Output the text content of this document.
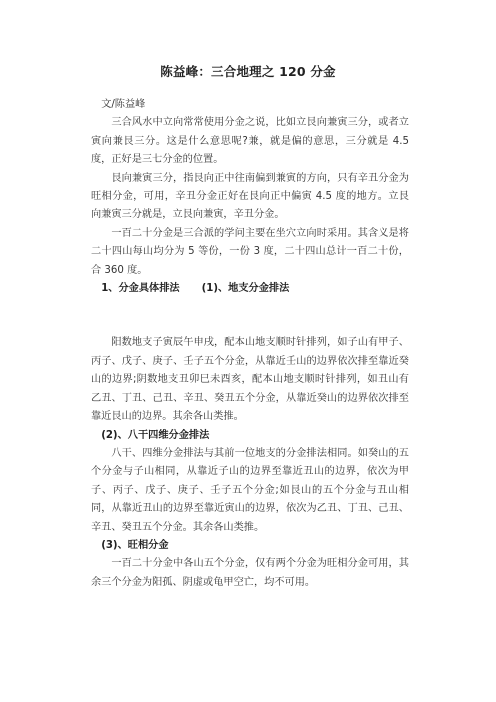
陈益峰：三合地理之 120 分金

文/陈益峰

三合风水中立向常常使用分金之说，比如立艮向兼寅三分，或者立寅向兼艮三分。这是什么意思呢?兼，就是偏的意思，三分就是 4.5 度，正好是三七分金的位置。

艮向兼寅三分，指艮向正中往南偏到兼寅的方向，只有辛丑分金为旺相分金，可用，辛丑分金正好在艮向正中偏寅 4.5 度的地方。立艮向兼寅三分就是，立艮向兼寅，辛丑分金。

一百二十分金是三合派的学问主要在坐穴立向时采用。其含义是将二十四山每山均分为 5 等份，一份 3 度，二十四山总计一百二十份，合 360 度。

1、分金具体排法 (1)、地支分金排法

阳数地支子寅辰午申戌，配本山地支顺时针排列，如子山有甲子、丙子、戊子、庚子、壬子五个分金，从靠近壬山的边界依次排至靠近癸山的边界;阴数地支丑卯巳未酉亥，配本山地支顺时针排列，如丑山有乙丑、丁丑、己丑、辛丑、癸丑五个分金，从靠近癸山的边界依次排至靠近艮山的边界。其余各山类推。

(2)、八干四维分金排法

八干、四维分金排法与其前一位地支的分金排法相同。如癸山的五个分金与子山相同，从靠近子山的边界至靠近丑山的边界，依次为甲子、丙子、戊子、庚子、壬子五个分金;如艮山的五个分金与丑山相同，从靠近丑山的边界至靠近寅山的边界，依次为乙丑、丁丑、己丑、辛丑、癸丑五个分金。其余各山类推。

(3)、旺相分金

一百二十分金中各山五个分金，仅有两个分金为旺相分金可用，其余三个分金为阳孤、阴虚或龟甲空亡，均不可用。
